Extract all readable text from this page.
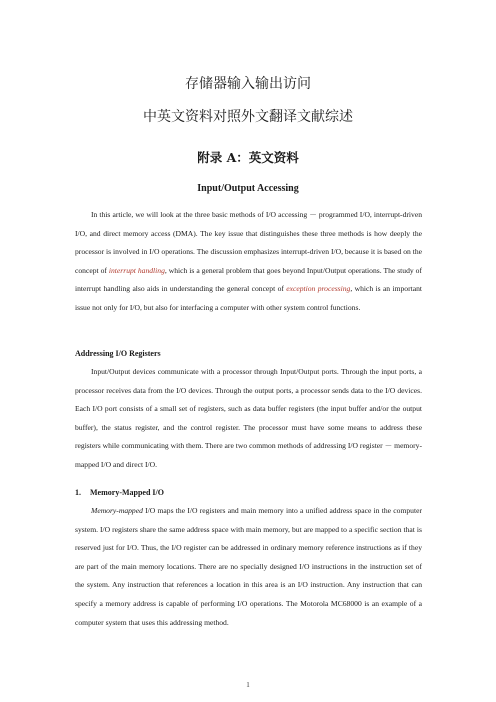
存储器输入输出访问
中英文资料对照外文翻译文献综述
附录 A：英文资料
Input/Output Accessing

In this article, we will look at the three basic methods of I/O accessing － programmed I/O, interrupt-driven I/O, and direct memory access (DMA). The key issue that distinguishes these three methods is how deeply the processor is involved in I/O operations. The discussion emphasizes interrupt-driven I/O, because it is based on the concept of interrupt handling, which is a general problem that goes beyond Input/Output operations. The study of interrupt handling also aids in understanding the general concept of exception processing, which is an important issue not only for I/O, but also for interfacing a computer with other system control functions.

Addressing I/O Registers

Input/Output devices communicate with a processor through Input/Output ports. Through the input ports, a processor receives data from the I/O devices. Through the output ports, a processor sends data to the I/O devices. Each I/O port consists of a small set of registers, such as data buffer registers (the input buffer and/or the output buffer), the status register, and the control register. The processor must have some means to address these registers while communicating with them. There are two common methods of addressing I/O register － memory-mapped I/O and direct I/O.

1. Memory-Mapped I/O

Memory-mapped I/O maps the I/O registers and main memory into a unified address space in the computer system. I/O registers share the same address space with main memory, but are mapped to a specific section that is reserved just for I/O. Thus, the I/O register can be addressed in ordinary memory reference instructions as if they are part of the main memory locations. There are no specially designed I/O instructions in the instruction set of the system. Any instruction that references a location in this area is an I/O instruction. Any instruction that can specify a memory address is capable of performing I/O operations. The Motorola MC68000 is an example of a computer system that uses this addressing method.

1
